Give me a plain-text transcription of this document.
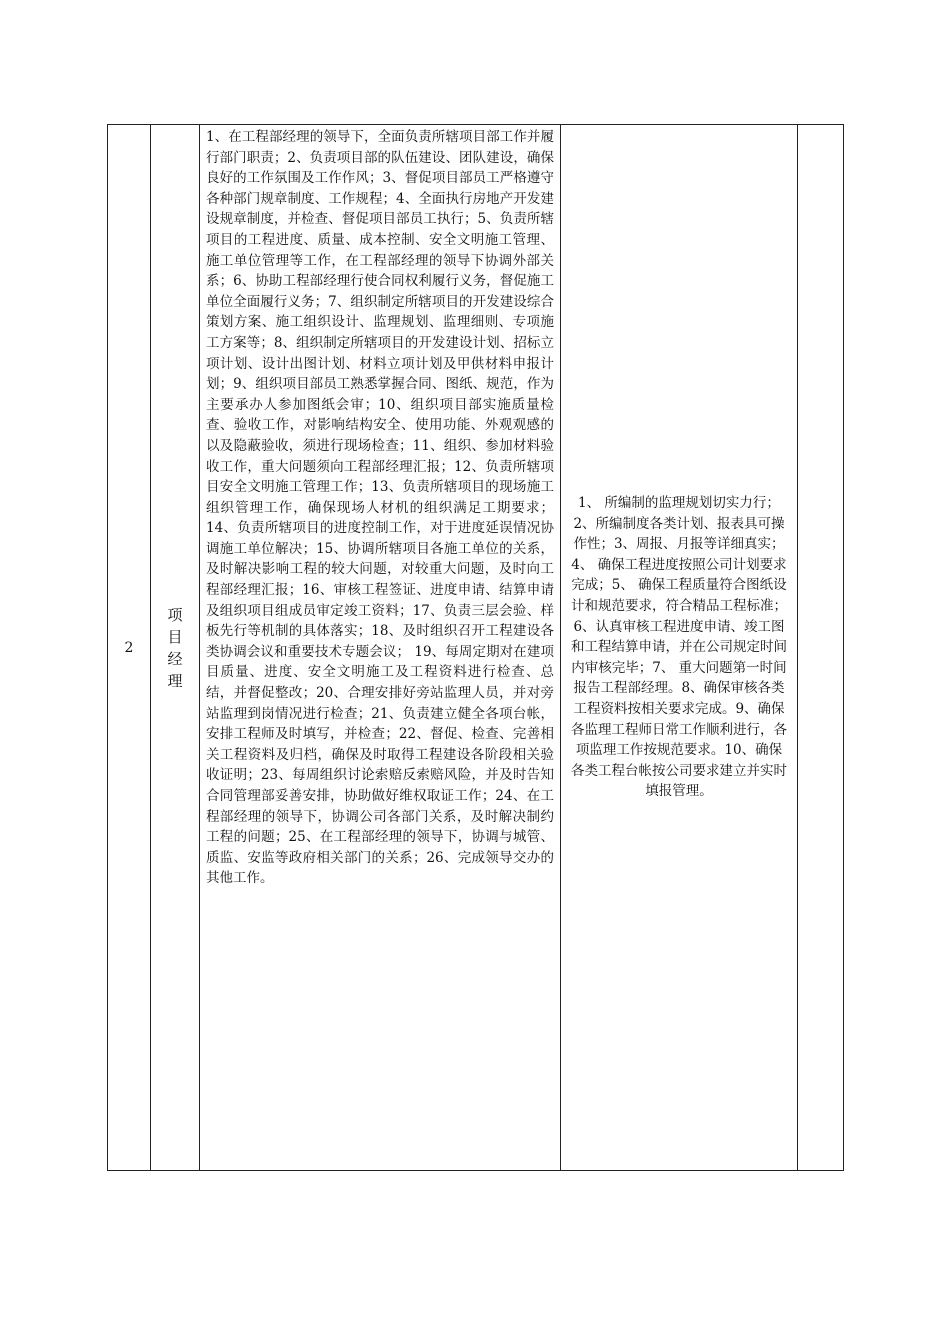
2	项目经理	1、在工程部经理的领导下，全面负责所辖项目部工作并履行部门职责；2、负责项目部的队伍建设、团队建设，确保良好的工作氛围及工作作风；3、督促项目部员工严格遵守各种部门规章制度、工作规程；4、全面执行房地产开发建设规章制度，并检查、督促项目部员工执行；5、负责所辖项目的工程进度、质量、成本控制、安全文明施工管理、施工单位管理等工作，在工程部经理的领导下协调外部关系；6、协助工程部经理行使合同权利履行义务，督促施工单位全面履行义务；7、组织制定所辖项目的开发建设综合策划方案、施工组织设计、监理规划、监理细则、专项施工方案等；8、组织制定所辖项目的开发建设计划、招标立项计划、设计出图计划、材料立项计划及甲供材料申报计划；9、组织项目部员工熟悉掌握合同、图纸、规范，作为主要承办人参加图纸会审；10、组织项目部实施质量检查、验收工作，对影响结构安全、使用功能、外观观感的以及隐蔽验收，须进行现场检查；11、组织、参加材料验收工作，重大问题须向工程部经理汇报；12、负责所辖项目安全文明施工管理工作；13、负责所辖项目的现场施工组织管理工作，确保现场人材机的组织满足工期要求；14、负责所辖项目的进度控制工作，对于进度延误情况协调施工单位解决；15、协调所辖项目各施工单位的关系，及时解决影响工程的较大问题，对较重大问题，及时向工程部经理汇报；16、审核工程签证、进度申请、结算申请及组织项目组成员审定竣工资料；17、负责三层会验、样板先行等机制的具体落实；18、及时组织召开工程建设各类协调会议和重要技术专题会议； 19、每周定期对在建项目质量、进度、安全文明施工及工程资料进行检查、总结，并督促整改；20、合理安排好旁站监理人员，并对旁站监理到岗情况进行检查；21、负责建立健全各项台帐，安排工程师及时填写，并检查；22、督促、检查、完善相关工程资料及归档，确保及时取得工程建设各阶段相关验收证明；23、每周组织讨论索赔反索赔风险，并及时告知合同管理部妥善安排，协助做好维权取证工作；24、在工程部经理的领导下，协调公司各部门关系，及时解决制约工程的问题；25、在工程部经理的领导下，协调与城管、质监、安监等政府相关部门的关系；26、完成领导交办的其他工作。	1、 所编制的监理规划切实力行；2、所编制度各类计划、报表具可操作性；3、周报、月报等详细真实；4、 确保工程进度按照公司计划要求完成；5、 确保工程质量符合图纸设计和规范要求，符合精品工程标准；6、认真审核工程进度申请、竣工图和工程结算申请，并在公司规定时间内审核完毕；7、 重大问题第一时间报告工程部经理。8、确保审核各类工程资料按相关要求完成。9、确保各监理工程师日常工作顺利进行，各项监理工作按规范要求。10、确保各类工程台帐按公司要求建立并实时填报管理。	
